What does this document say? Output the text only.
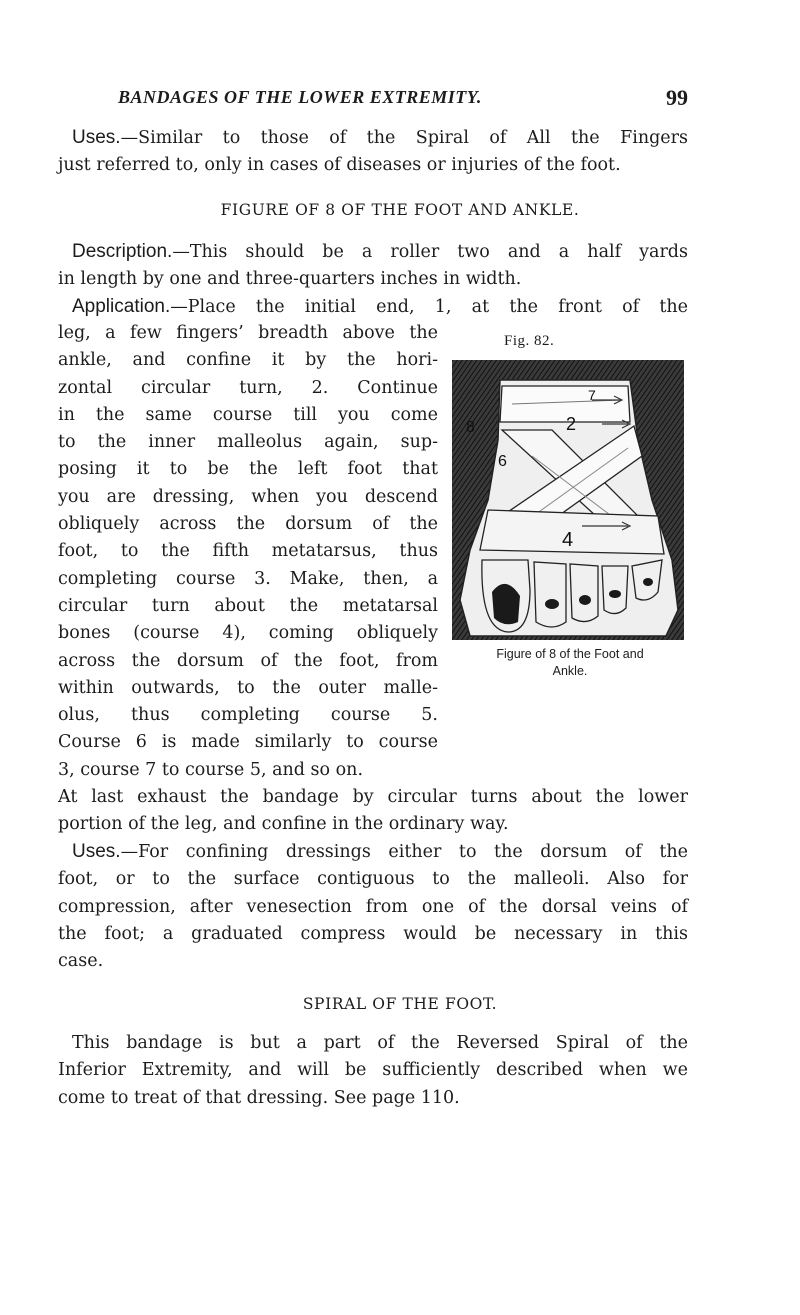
BANDAGES OF THE LOWER EXTREMITY.	99
Uses.—Similar to those of the Spiral of All the Fingers
just referred to, only in cases of diseases or injuries of the foot.
FIGURE OF 8 OF THE FOOT AND ANKLE.
Description.—This should be a roller two and a half yards
in length by one and three-quarters inches in width.
Application.—Place the initial end, 1, at the front of the
leg, a few fingers’ breadth above the
ankle, and confine it by the hori-
zontal circular turn, 2. Continue
in the same course till you come
to the inner malleolus again, sup-
posing it to be the left foot that
you are dressing, when you descend
obliquely across the dorsum of the
foot, to the fifth metatarsus, thus
completing course 3. Make, then, a
circular turn about the metatarsal
bones (course 4), coming obliquely
across the dorsum of the foot, from
within outwards, to the outer malle-
olus, thus completing course 5.
Course 6 is made similarly to course
3, course 7 to course 5, and so on.
At last exhaust the bandage by circular turns about the lower
portion of the leg, and confine in the ordinary way.
Fig. 82.
2
4
6
7
8
Figure of 8 of the Foot and
Ankle.
Uses.—For confining dressings either to the dorsum of the
foot, or to the surface contiguous to the malleoli. Also for
compression, after venesection from one of the dorsal veins of
the foot; a graduated compress would be necessary in this
case.
SPIRAL OF THE FOOT.
This bandage is but a part of the Reversed Spiral of the
Inferior Extremity, and will be sufficiently described when we
come to treat of that dressing. See page 110.
